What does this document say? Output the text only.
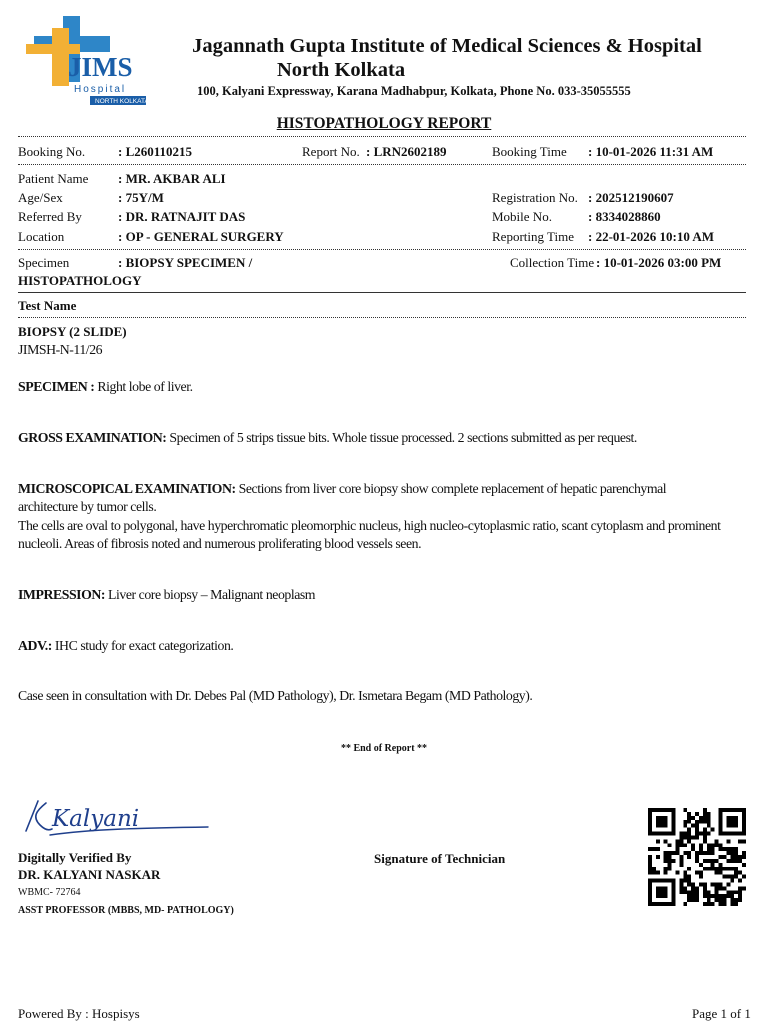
JIMS
Hospital
NORTH KOLKATA
Jagannath Gupta Institute of Medical Sciences & Hospital
North Kolkata
100, Kalyani Expressway, Karana Madhabpur, Kolkata, Phone No. 033-35055555
HISTOPATHOLOGY REPORT
Booking No.	: L260110215	Report No. : LRN2602189	Booking Time : 10-01-2026 11:31 AM
Patient Name : MR. AKBAR ALI
Age/Sex	: 75Y/M	Registration No. : 202512190607
Referred By	: DR. RATNAJIT DAS	Mobile No.	: 8334028860
Location	: OP - GENERAL SURGERY	Reporting Time : 22-01-2026 10:10 AM
Specimen	: BIOPSY SPECIMEN /
HISTOPATHOLOGY
Collection Time : 10-01-2026 03:00 PM
Test Name
BIOPSY (2 SLIDE)
JIMSH-N-11/26
SPECIMEN : Right lobe of liver.
GROSS EXAMINATION: Specimen of 5 strips tissue bits. Whole tissue processed. 2 sections submitted as per request.
MICROSCOPICAL EXAMINATION: Sections from liver core biopsy show complete replacement of hepatic parenchymal architecture by tumor cells.
The cells are oval to polygonal, have hyperchromatic pleomorphic nucleus, high nucleo-cytoplasmic ratio, scant cytoplasm and prominent nucleoli. Areas of fibrosis noted and numerous proliferating blood vessels seen.
IMPRESSION: Liver core biopsy – Malignant neoplasm
ADV.: IHC study for exact categorization.
Case seen in consultation with Dr. Debes Pal (MD Pathology), Dr. Ismetara Begam (MD Pathology).
** End of Report **
Kalyani
Digitally Verified By
DR. KALYANI NASKAR
WBMC- 72764
ASST PROFESSOR (MBBS, MD- PATHOLOGY)
Signature of Technician
Powered By : Hospisys	Page 1 of 1
